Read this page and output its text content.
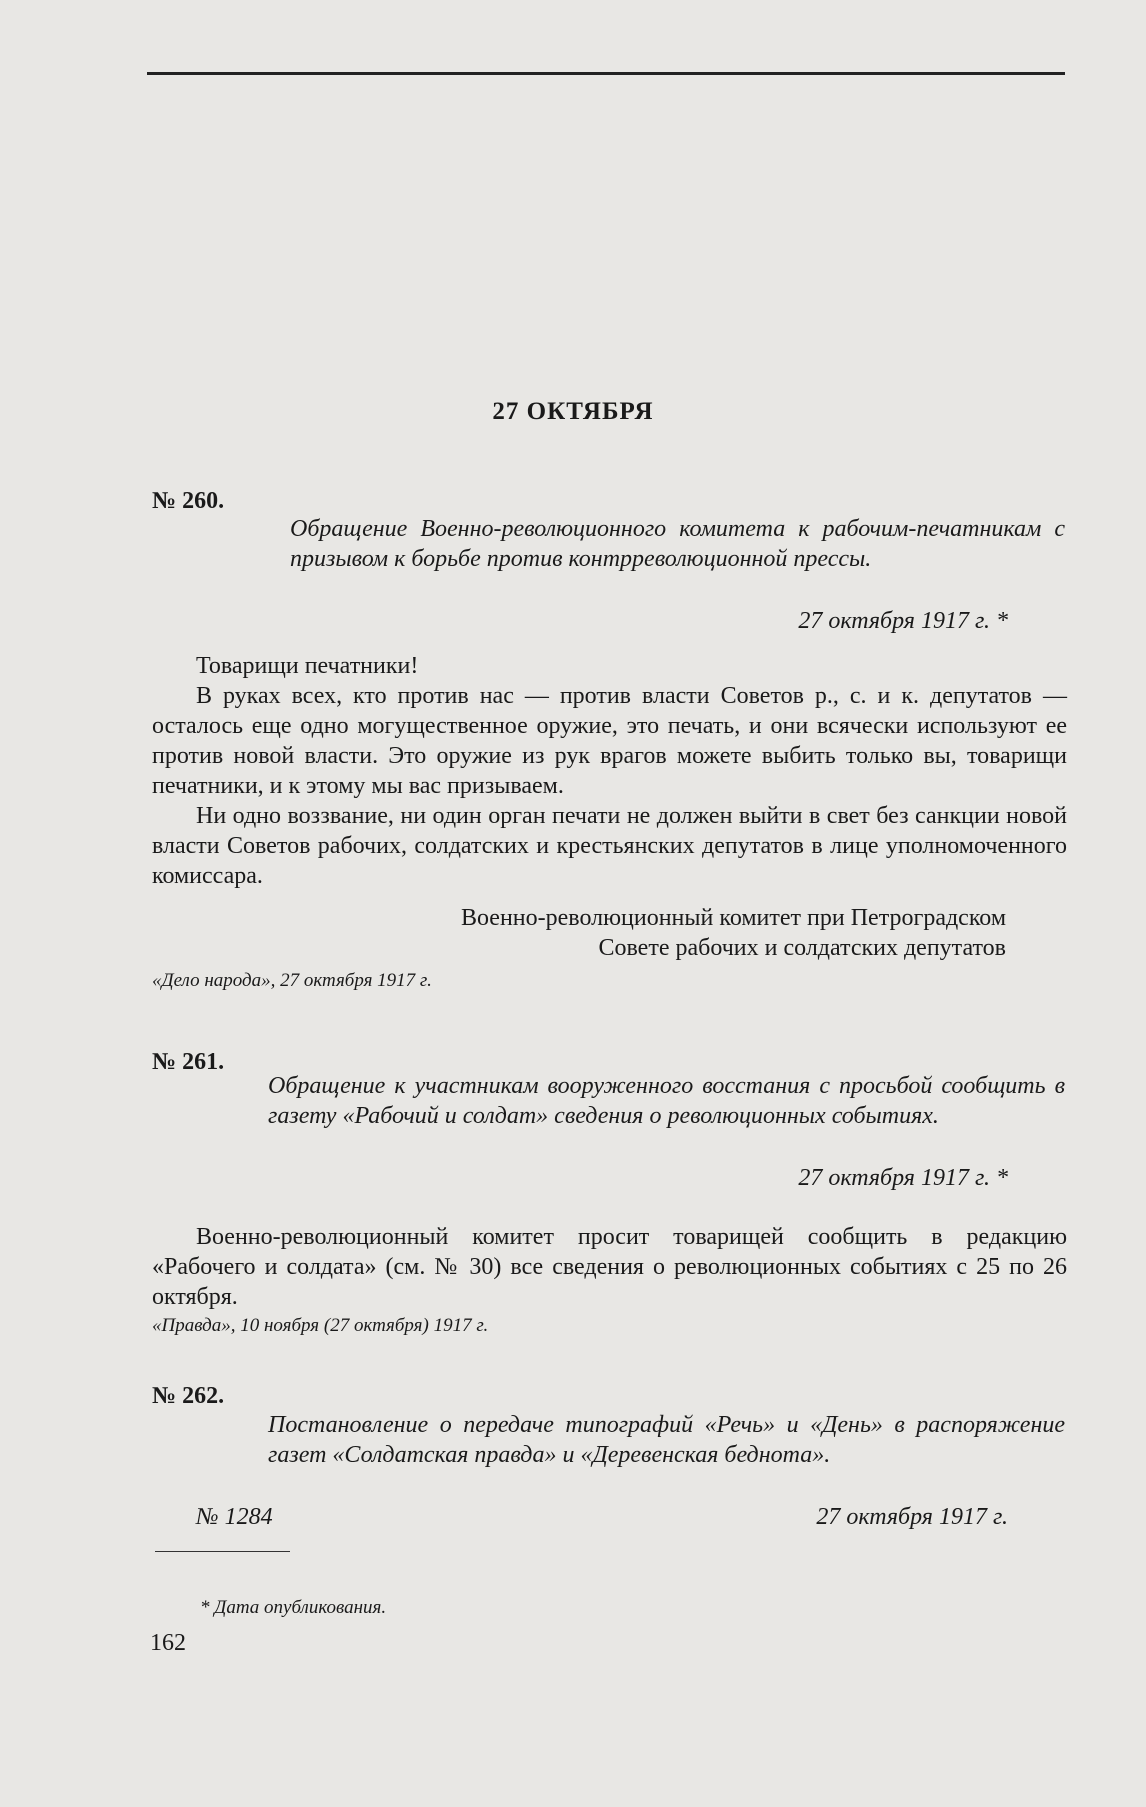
27 ОКТЯБРЯ
№ 260.
Обращение Военно-революционного комитета к рабочим-печатникам с призывом к борьбе против контрреволюционной прессы.
27 октября 1917 г. *

Товарищи печатники!

В руках всех, кто против нас — против власти Советов р., с. и к. депутатов — осталось еще одно могущественное оружие, это печать, и они всячески используют ее против новой власти. Это оружие из рук врагов можете выбить только вы, товарищи печатники, и к этому мы вас призываем.

Ни одно воззвание, ни один орган печати не должен выйти в свет без санкции новой власти Советов рабочих, солдатских и крестьянских депутатов в лице уполномоченного комиссара.

Военно-революционный комитет при Петроградском
Совете рабочих и солдатских депутатов
«Дело народа», 27 октября 1917 г.
№ 261.
Обращение к участникам вооруженного восстания с просьбой сообщить в газету «Рабочий и солдат» сведения о революционных событиях.
27 октября 1917 г. *

Военно-революционный комитет просит товарищей сообщить в редакцию «Рабочего и солдата» (см. № 30) все сведения о революционных событиях с 25 по 26 октября.

«Правда», 10 ноября (27 октября) 1917 г.
№ 262.
Постановление о передаче типографий «Речь» и «День» в распоряжение газет «Солдатская правда» и «Деревенская беднота».
№ 1284	27 октября 1917 г.
* Дата опубликования.
162
